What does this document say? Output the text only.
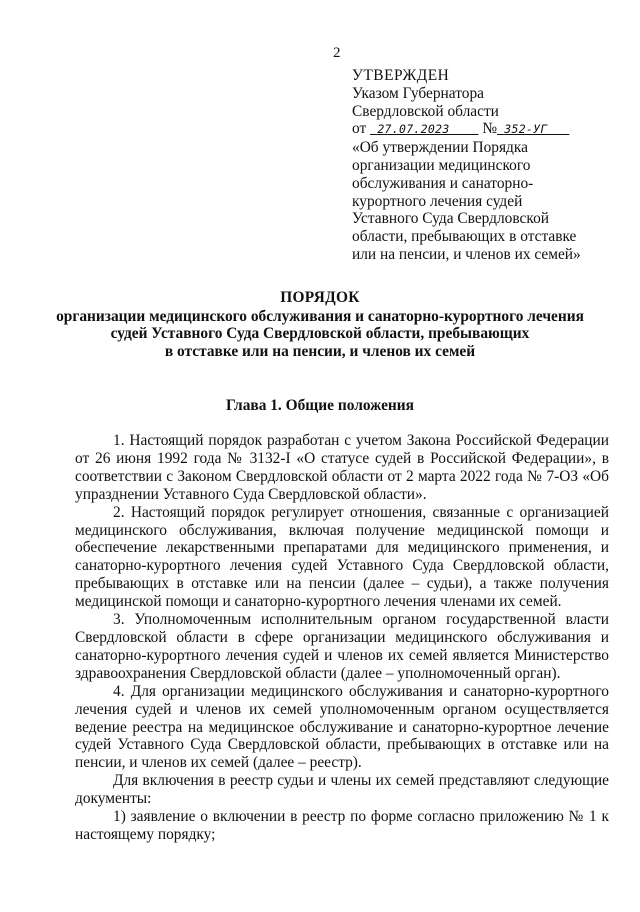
2
УТВЕРЖДЕН
Указом Губернатора
Свердловской области
от 27.07.2023 № 352-УГ
«Об утверждении Порядка
организации медицинского
обслуживания и санаторно-
курортного лечения судей
Уставного Суда Свердловской
области, пребывающих в отставке
или на пенсии, и членов их семей»
ПОРЯДОК
организации медицинского обслуживания и санаторно-курортного лечения
судей Уставного Суда Свердловской области, пребывающих
в отставке или на пенсии, и членов их семей
Глава 1. Общие положения

1. Настоящий порядок разработан с учетом Закона Российской Федерации от 26 июня 1992 года № 3132-I «О статусе судей в Российской Федерации», в соответствии с Законом Свердловской области от 2 марта 2022 года № 7-ОЗ «Об упразднении Уставного Суда Свердловской области».

2. Настоящий порядок регулирует отношения, связанные с организацией медицинского обслуживания, включая получение медицинской помощи и обеспечение лекарственными препаратами для медицинского применения, и санаторно-курортного лечения судей Уставного Суда Свердловской области, пребывающих в отставке или на пенсии (далее – судьи), а также получения медицинской помощи и санаторно-курортного лечения членами их семей.

3. Уполномоченным исполнительным органом государственной власти Свердловской области в сфере организации медицинского обслуживания и санаторно-курортного лечения судей и членов их семей является Министерство здравоохранения Свердловской области (далее – уполномоченный орган).

4. Для организации медицинского обслуживания и санаторно-курортного лечения судей и членов их семей уполномоченным органом осуществляется ведение реестра на медицинское обслуживание и санаторно-курортное лечение судей Уставного Суда Свердловской области, пребывающих в отставке или на пенсии, и членов их семей (далее – реестр).

Для включения в реестр судьи и члены их семей представляют следующие документы:

1) заявление о включении в реестр по форме согласно приложению № 1 к настоящему порядку;
